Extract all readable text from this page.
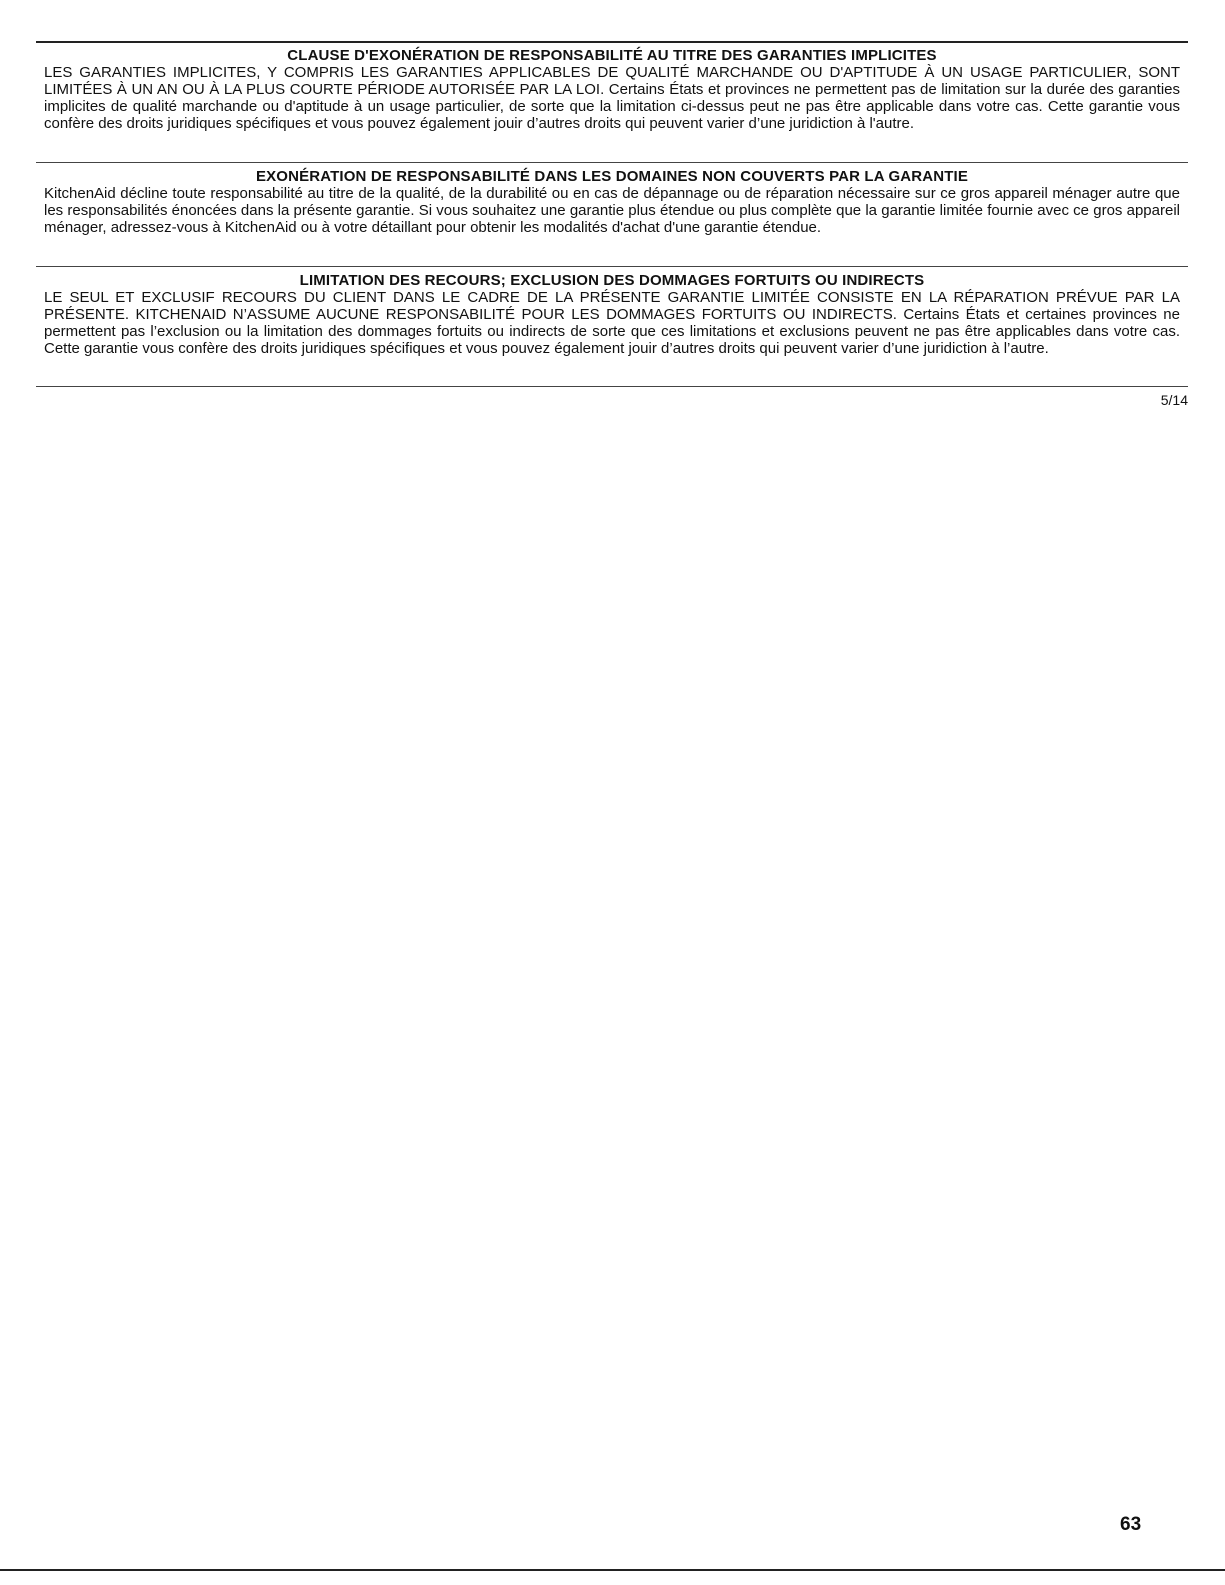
CLAUSE D'EXONÉRATION DE RESPONSABILITÉ AU TITRE DES GARANTIES IMPLICITES
LES GARANTIES IMPLICITES, Y COMPRIS LES GARANTIES APPLICABLES DE QUALITÉ MARCHANDE OU D'APTITUDE À UN USAGE PARTICULIER, SONT LIMITÉES À UN AN OU À LA PLUS COURTE PÉRIODE AUTORISÉE PAR LA LOI. Certains États et provinces ne permettent pas de limitation sur la durée des garanties implicites de qualité marchande ou d'aptitude à un usage particulier, de sorte que la limitation ci-dessus peut ne pas être applicable dans votre cas. Cette garantie vous confère des droits juridiques spécifiques et vous pouvez également jouir d’autres droits qui peuvent varier d’une juridiction à l'autre.
EXONÉRATION DE RESPONSABILITÉ DANS LES DOMAINES NON COUVERTS PAR LA GARANTIE
KitchenAid décline toute responsabilité au titre de la qualité, de la durabilité ou en cas de dépannage ou de réparation nécessaire sur ce gros appareil ménager autre que les responsabilités énoncées dans la présente garantie. Si vous souhaitez une garantie plus étendue ou plus complète que la garantie limitée fournie avec ce gros appareil ménager, adressez-vous à KitchenAid ou à votre détaillant pour obtenir les modalités d'achat d'une garantie étendue.
LIMITATION DES RECOURS; EXCLUSION DES DOMMAGES FORTUITS OU INDIRECTS
LE SEUL ET EXCLUSIF RECOURS DU CLIENT DANS LE CADRE DE LA PRÉSENTE GARANTIE LIMITÉE CONSISTE EN LA RÉPARATION PRÉVUE PAR LA PRÉSENTE. KITCHENAID N’ASSUME AUCUNE RESPONSABILITÉ POUR LES DOMMAGES FORTUITS OU INDIRECTS. Certains États et certaines provinces ne permettent pas l’exclusion ou la limitation des dommages fortuits ou indirects de sorte que ces limitations et exclusions peuvent ne pas être applicables dans votre cas. Cette garantie vous confère des droits juridiques spécifiques et vous pouvez également jouir d’autres droits qui peuvent varier d’une juridiction à l’autre.
5/14
63
